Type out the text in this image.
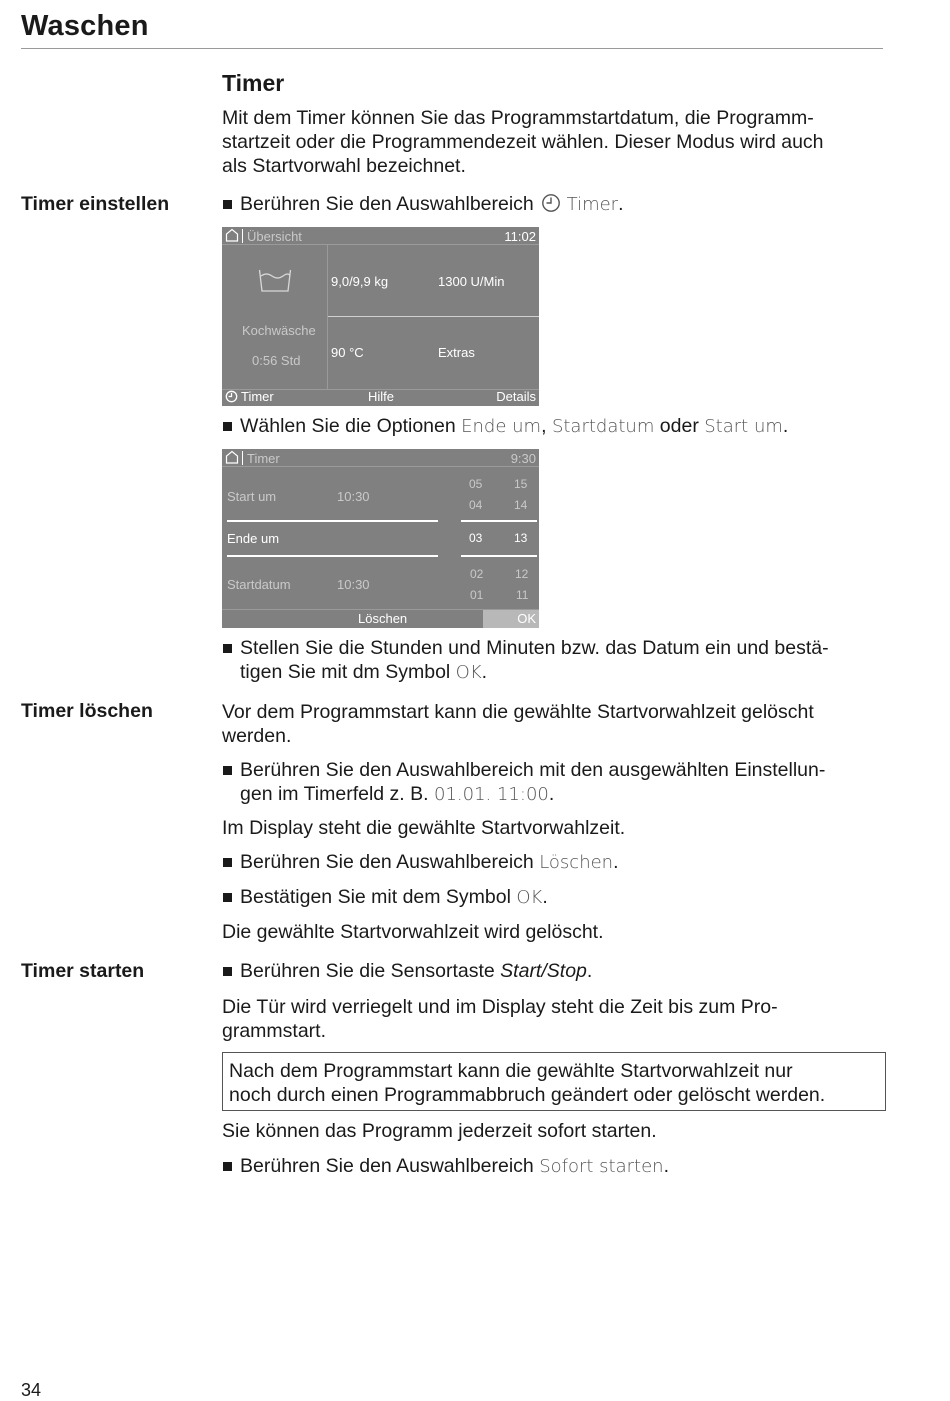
Waschen
Timer
Mit dem Timer können Sie das Programmstartdatum, die Programm-
startzeit oder die Programmendezeit wählen. Dieser Modus wird auch
als Startvorwahl bezeichnet.
Timer einstellen	Berühren Sie den Auswahlbereich Timer.
Übersicht	11:02
9,0/9,9 kg	1300 U/Min
Kochwäsche
0:56 Std
90 °C	Extras
Timer	Hilfe	Details
Wählen Sie die Optionen Ende um, Startdatum oder Start um.
Timer	9:30
Start um	10:30
Ende um
Startdatum	10:30
05
04
03
02
01
15
14
13
12
11
Löschen	OK
Stellen Sie die Stunden und Minuten bzw. das Datum ein und bestä-
tigen Sie mit dm Symbol OK.
Timer löschen	Vor dem Programmstart kann die gewählte Startvorwahlzeit gelöscht
werden.
Berühren Sie den Auswahlbereich mit den ausgewählten Einstellun-
gen im Timerfeld z. B. 01.01. 11:00.
Im Display steht die gewählte Startvorwahlzeit.
Berühren Sie den Auswahlbereich Löschen.
Bestätigen Sie mit dem Symbol OK.
Die gewählte Startvorwahlzeit wird gelöscht.
Timer starten	Berühren Sie die Sensortaste Start/Stop.
Die Tür wird verriegelt und im Display steht die Zeit bis zum Pro-
grammstart.
Nach dem Programmstart kann die gewählte Startvorwahlzeit nur
noch durch einen Programmabbruch geändert oder gelöscht werden.
Sie können das Programm jederzeit sofort starten.
Berühren Sie den Auswahlbereich Sofort starten.
34
